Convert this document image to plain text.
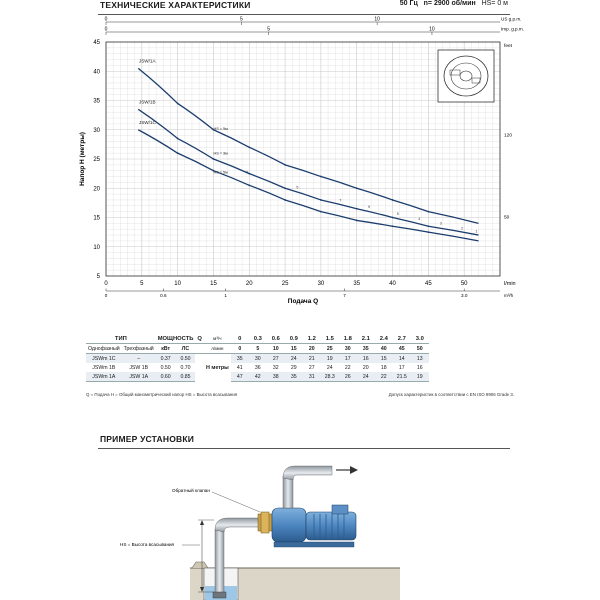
ТЕХНИЧЕСКИЕ ХАРАКТЕРИСТИКИ	50 Гц n= 2900 об/мин HS= 0 м
0	5	10	15	20	25	30	35	40	45	50
5
10
15
20
25
30
35
40
45
l/min
Напор H (метры)
Подача Q
0	5	10
0	5	10
US g.p.m.
Imp. g.p.m.
0	0.6	1	7	3.0	m³/h
feet
120
50
JSW/1A
JSW/1B
JSW/1C
HS = 5м
HS = 3м
HS = 5м	0
5
7
9
5
4
3
2
1
ТИП		МОЩНОСТЬ		Q	м³/ч	0	0.3	0.6	0.9	1.2	1.5	1.8	2.1	2.4	2.7	3.0
Однофазный	Трехфазный	кВт	ЛС		л/мин	0	5	10	15	20	25	30	35	40	45	50
JSWm 1C	–	0.37	0.50		H метры	35	30	27	24	21	19	17	16	15	14	13
JSWm 1B	JSW 1B	0.50	0.70			41	36	32	29	27	24	22	20	18	17	16
JSWm 1A	JSW 1A	0.60	0.85			47	42	38	35	31	28.3	26	24	22	21.5	19
Q = Подача H = Общий манометрический напор HS = Высота всасывания	Допуск характеристик в соответствии с EN ISO 9906 Grade 3.
ПРИМЕР УСТАНОВКИ
Обратный клапан
HS = Высота всасывания
